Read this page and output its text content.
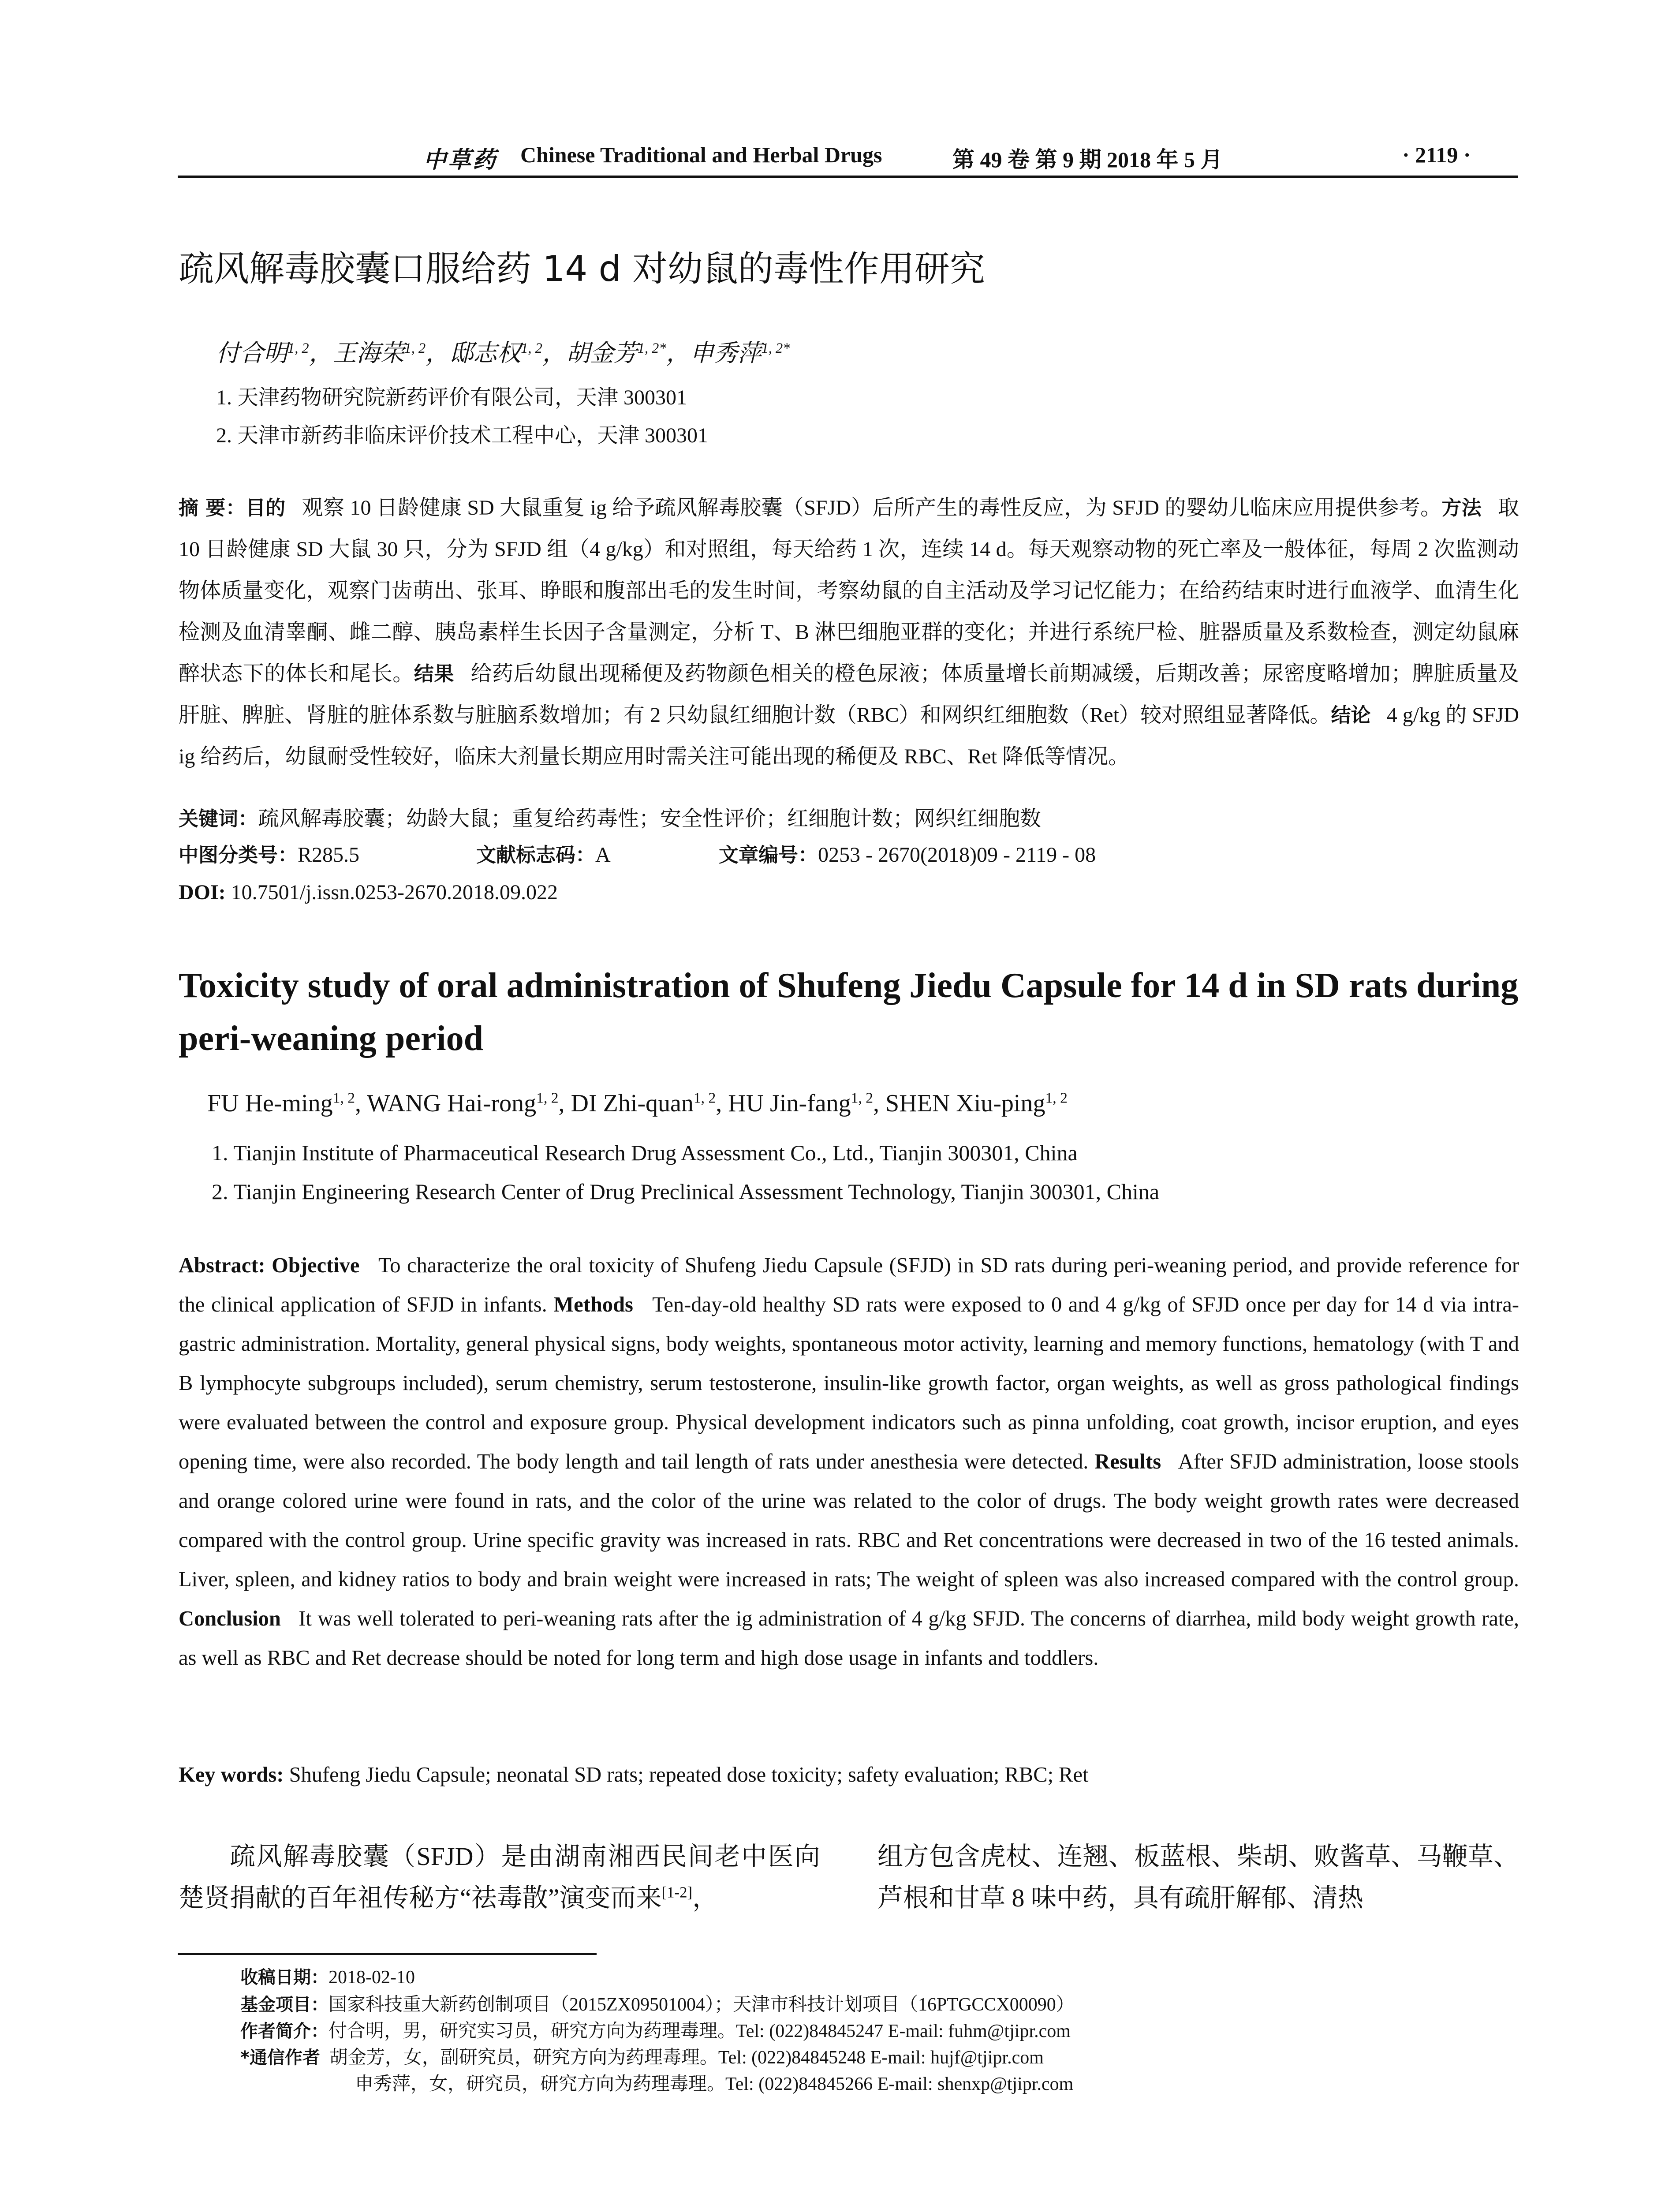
中草药 Chinese Traditional and Herbal Drugs	第 49 卷 第 9 期 2018 年 5 月	· 2119 ·
疏风解毒胶囊口服给药 14 d 对幼鼠的毒性作用研究
付合明$^{1, 2}$，王海荣$^{1, 2}$，邸志权$^{1, 2}$，胡金芳$^{1, 2*}$，申秀萍$^{1, 2*}$
1. 天津药物研究院新药评价有限公司，天津 300301
2. 天津市新药非临床评价技术工程中心，天津 300301
摘 要：目的 观察 10 日龄健康 SD 大鼠重复 ig 给予疏风解毒胶囊（SFJD）后所产生的毒性反应，为 SFJD 的婴幼儿临床应用提供参考。方法 取 10 日龄健康 SD 大鼠 30 只，分为 SFJD 组（4 g/kg）和对照组，每天给药 1 次，连续 14 d。每天观察动物的死亡率及一般体征，每周 2 次监测动物体质量变化，观察门齿萌出、张耳、睁眼和腹部出毛的发生时间，考察幼鼠的自主活动及学习记忆能力；在给药结束时进行血液学、血清生化检测及血清睾酮、雌二醇、胰岛素样生长因子含量测定，分析 T、B 淋巴细胞亚群的变化；并进行系统尸检、脏器质量及系数检查，测定幼鼠麻醉状态下的体长和尾长。结果 给药后幼鼠出现稀便及药物颜色相关的橙色尿液；体质量增长前期减缓，后期改善；尿密度略增加；脾脏质量及肝脏、脾脏、肾脏的脏体系数与脏脑系数增加；有 2 只幼鼠红细胞计数（RBC）和网织红细胞数（Ret）较对照组显著降低。结论 4 g/kg 的 SFJD ig 给药后，幼鼠耐受性较好，临床大剂量长期应用时需关注可能出现的稀便及 RBC、Ret 降低等情况。
关键词：疏风解毒胶囊；幼龄大鼠；重复给药毒性；安全性评价；红细胞计数；网织红细胞数
中图分类号：R285.5	文献标志码：A	文章编号：0253 - 2670(2018)09 - 2119 - 08
DOI: 10.7501/j.issn.0253-2670.2018.09.022
Toxicity study of oral administration of Shufeng Jiedu Capsule for 14 d in SD rats during peri-weaning period
FU He-ming$^{1, 2}$, WANG Hai-rong$^{1, 2}$, DI Zhi-quan$^{1, 2}$, HU Jin-fang$^{1, 2}$, SHEN Xiu-ping$^{1, 2}$
1. Tianjin Institute of Pharmaceutical Research Drug Assessment Co., Ltd., Tianjin 300301, China
2. Tianjin Engineering Research Center of Drug Preclinical Assessment Technology, Tianjin 300301, China
Abstract: Objective To characterize the oral toxicity of Shufeng Jiedu Capsule (SFJD) in SD rats during peri-weaning period, and provide reference for the clinical application of SFJD in infants. Methods Ten-day-old healthy SD rats were exposed to 0 and 4 g/kg of SFJD once per day for 14 d via intra-gastric administration. Mortality, general physical signs, body weights, spontaneous motor activity, learning and memory functions, hematology (with T and B lymphocyte subgroups included), serum chemistry, serum testosterone, insulin-like growth factor, organ weights, as well as gross pathological findings were evaluated between the control and exposure group. Physical development indicators such as pinna unfolding, coat growth, incisor eruption, and eyes opening time, were also recorded. The body length and tail length of rats under anesthesia were detected. Results After SFJD administration, loose stools and orange colored urine were found in rats, and the color of the urine was related to the color of drugs. The body weight growth rates were decreased compared with the control group. Urine specific gravity was increased in rats. RBC and Ret concentrations were decreased in two of the 16 tested animals. Liver, spleen, and kidney ratios to body and brain weight were increased in rats; The weight of spleen was also increased compared with the control group. Conclusion It was well tolerated to peri-weaning rats after the ig administration of 4 g/kg SFJD. The concerns of diarrhea, mild body weight growth rate, as well as RBC and Ret decrease should be noted for long term and high dose usage in infants and toddlers.
Key words: Shufeng Jiedu Capsule; neonatal SD rats; repeated dose toxicity; safety evaluation; RBC; Ret
疏风解毒胶囊（SFJD）是由湖南湘西民间老中医向楚贤捐献的百年祖传秘方“祛毒散”演变而来[1-2]，
组方包含虎杖、连翘、板蓝根、柴胡、败酱草、马鞭草、芦根和甘草 8 味中药，具有疏肝解郁、清热
收稿日期：2018-02-10
基金项目：国家科技重大新药创制项目（2015ZX09501004）；天津市科技计划项目（16PTGCCX00090）
作者简介：付合明，男，研究实习员，研究方向为药理毒理。Tel: (022)84845247 E-mail: fuhm@tjipr.com
*通信作者 胡金芳，女，副研究员，研究方向为药理毒理。Tel: (022)84845248 E-mail: hujf@tjipr.com
申秀萍，女，研究员，研究方向为药理毒理。Tel: (022)84845266 E-mail: shenxp@tjipr.com
